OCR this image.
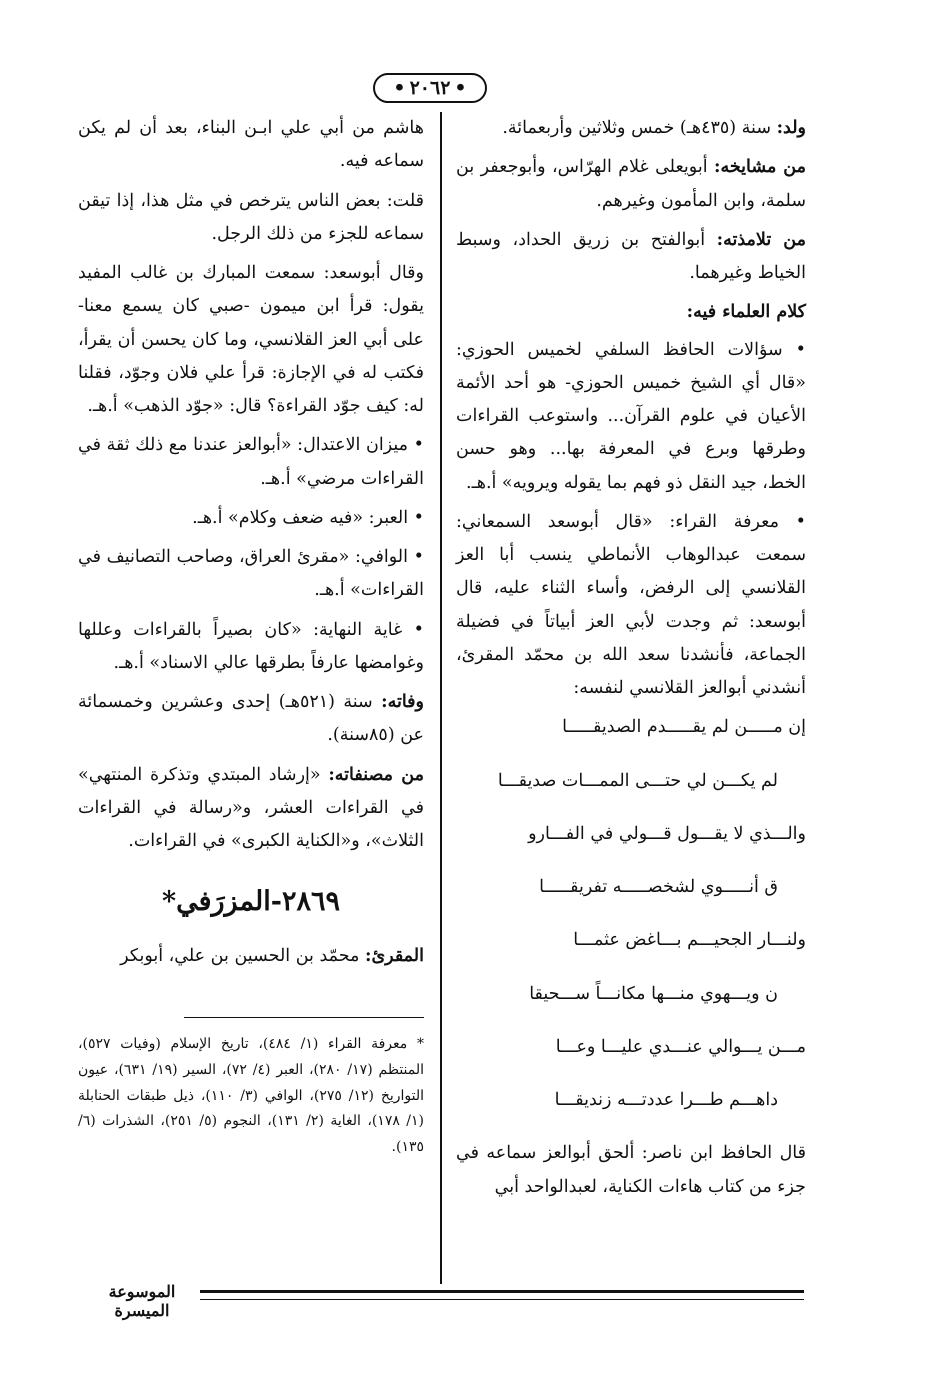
• ٢٠٦٢ •

ولد: سنة (٤٣٥هـ) خمس وثلاثين وأربعمائة.

من مشايخه: أبويعلى غلام الهرّاس، وأبوجعفر بن سلمة، وابن المأمون وغيرهم.

من تلامذته: أبوالفتح بن زريق الحداد، وسبط الخياط وغيرهما.

كلام العلماء فيه:

• سؤالات الحافظ السلفي لخميس الحوزي: «قال أي الشيخ خميس الحوزي- هو أحد الأئمة الأعيان في علوم القرآن... واستوعب القراءات وطرقها وبرع في المعرفة بها... وهو حسن الخط، جيد النقل ذو فهم بما يقوله ويرويه» أ.هـ.

• معرفة القراء: «قال أبوسعد السمعاني: سمعت عبدالوهاب الأنماطي ينسب أبا العز القلانسي إلى الرفض، وأساء الثناء عليه، قال أبوسعد: ثم وجدت لأبي العز أبياتاً في فضيلة الجماعة، فأنشدنا سعد الله بن محمّد المقرئ، أنشدني أبوالعز القلانسي لنفسه:

إن مـــــن لم يقـــــدم الصديقـــــا

لم يكـــن لي حتـــى الممـــات صديقـــا

والـــذي لا يقـــول قـــولي في الفـــارو

ق أنـــــوي لشخصـــــه تفريقـــــا

ولنـــار الجحيـــم بـــاغض عثمـــا

ن ويـــهوي منـــها مكانـــاً ســـحيقا

مـــن يـــوالي عنـــدي عليـــا وعـــا

داهـــم طـــرا عددتـــه زنديقـــا

قال الحافظ ابن ناصر: ألحق أبوالعز سماعه في جزء من كتاب هاءات الكناية، لعبدالواحد أبي

هاشم من أبي علي ابـن البناء، بعد أن لم يكن سماعه فيه.

قلت: بعض الناس يترخص في مثل هذا، إذا تيقن سماعه للجزء من ذلك الرجل.

وقال أبوسعد: سمعت المبارك بن غالب المفيد يقول: قرأ ابن ميمون -صبي كان يسمع معنا- على أبي العز القلانسي، وما كان يحسن أن يقرأ، فكتب له في الإجازة: قرأ علي فلان وجوّد، فقلنا له: كيف جوّد القراءة؟ قال: «جوّد الذهب» أ.هـ.

• ميزان الاعتدال: «أبوالعز عندنا مع ذلك ثقة في القراءات مرضي» أ.هـ.

• العبر: «فيه ضعف وكلام» أ.هـ.

• الوافي: «مقرئ العراق، وصاحب التصانيف في القراءات» أ.هـ.

• غاية النهاية: «كان بصيراً بالقراءات وعللها وغوامضها عارفاً بطرقها عالي الاسناد» أ.هـ.

وفاته: سنة (٥٢١هـ) إحدى وعشرين وخمسمائة عن (٨٥سنة).

من مصنفاته: «إرشاد المبتدي وتذكرة المنتهي» في القراءات العشر، و«رسالة في القراءات الثلاث»، و«الكناية الكبرى» في القراءات.

٢٨٦٩-المزرَفي*

المقرئ: محمّد بن الحسين بن علي، أبوبكر

* معرفة القراء (١/ ٤٨٤)، تاريخ الإسلام (وفيات ٥٢٧)، المنتظم (١٧/ ٢٨٠)، العبر (٤/ ٧٢)، السير (١٩/ ٦٣١)، عيون التواريخ (١٢/ ٢٧٥)، الوافي (٣/ ١١٠)، ذيل طبقات الحنابلة (١/ ١٧٨)، الغاية (٢/ ١٣١)، النجوم (٥/ ٢٥١)، الشذرات (٦/ ١٣٥).

الموسوعة الميسرة
